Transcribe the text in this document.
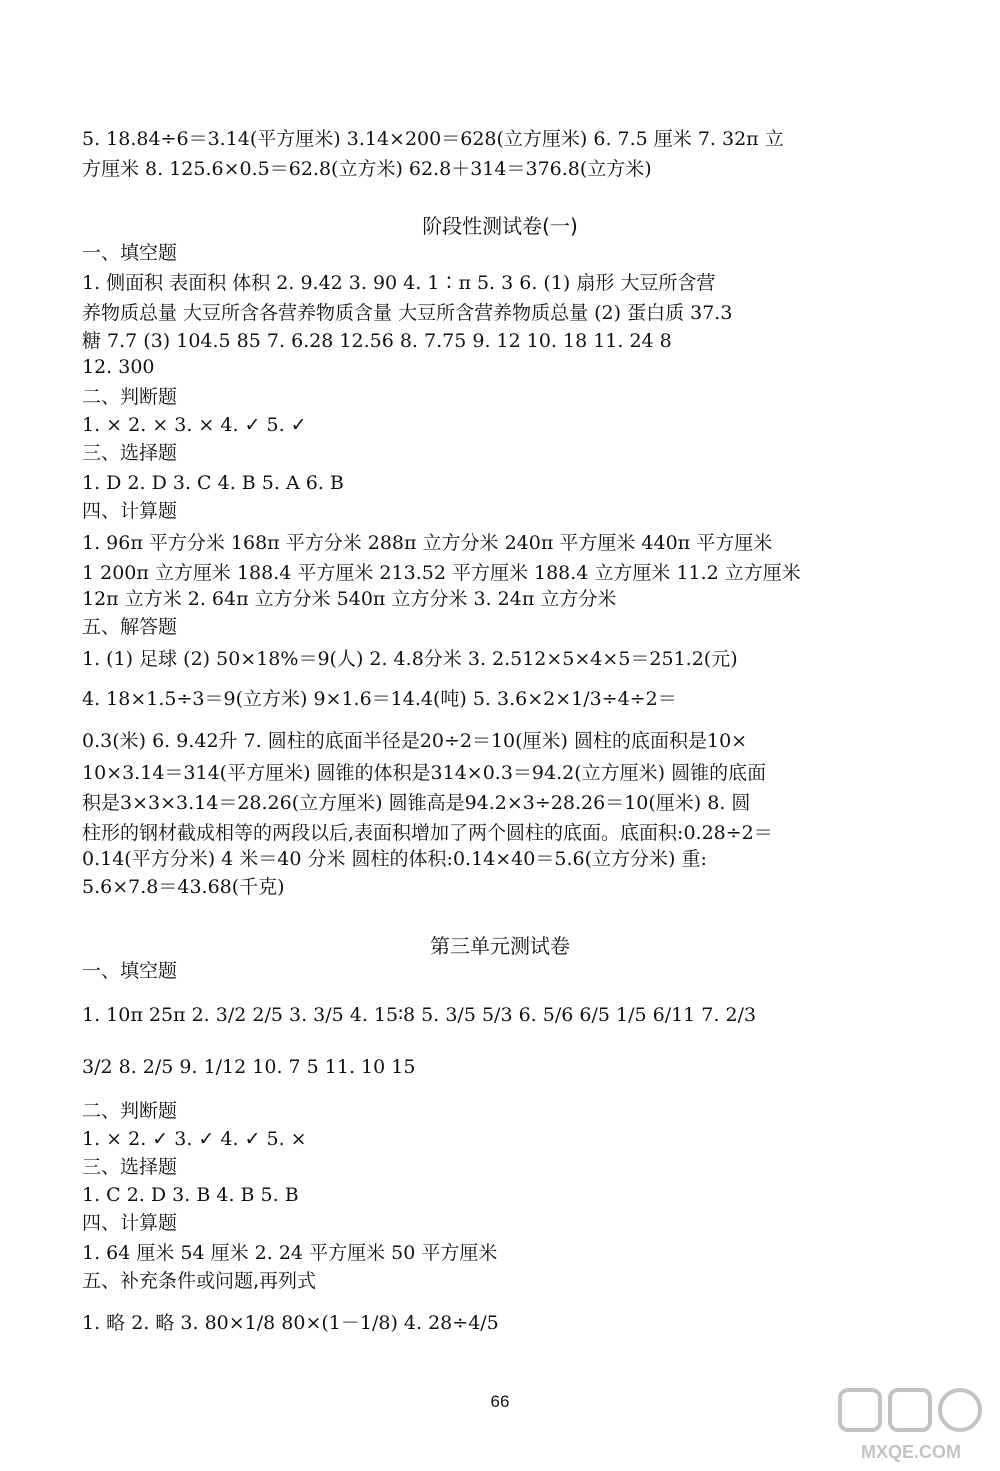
5. 18.84÷6＝3.14(平方厘米) 3.14×200＝628(立方厘米) 6. 7.5 厘米 7. 32π 立
方厘米 8. 125.6×0.5＝62.8(立方米) 62.8＋314＝376.8(立方米)
阶段性测试卷(一)
一、填空题
1. 侧面积 表面积 体积 2. 9.42 3. 90 4. 1∶π 5. 3 6. (1) 扇形 大豆所含营
养物质总量 大豆所含各营养物质含量 大豆所含营养物质总量 (2) 蛋白质 37.3
糖 7.7 (3) 104.5 85 7. 6.28 12.56 8. 7.75 9. 12 10. 18 11. 24 8
12. 300
二、判断题
1. × 2. × 3. × 4. ✓ 5. ✓
三、选择题
1. D 2. D 3. C 4. B 5. A 6. B
四、计算题
1. 96π 平方分米 168π 平方分米 288π 立方分米 240π 平方厘米 440π 平方厘米
1 200π 立方厘米 188.4 平方厘米 213.52 平方厘米 188.4 立方厘米 11.2 立方厘米
12π 立方米 2. 64π 立方分米 540π 立方分米 3. 24π 立方分米
五、解答题
1. (1) 足球 (2) 50×18%＝9(人) 2. 4.8分米 3. 2.512×5×4×5＝251.2(元)
4. 18×1.5÷3＝9(立方米) 9×1.6＝14.4(吨) 5. 3.6×2×1/3÷4÷2＝
0.3(米) 6. 9.42升 7. 圆柱的底面半径是20÷2＝10(厘米) 圆柱的底面积是10×
10×3.14＝314(平方厘米) 圆锥的体积是314×0.3＝94.2(立方厘米) 圆锥的底面
积是3×3×3.14＝28.26(立方厘米) 圆锥高是94.2×3÷28.26＝10(厘米) 8. 圆
柱形的钢材截成相等的两段以后,表面积增加了两个圆柱的底面。底面积:0.28÷2＝
0.14(平方分米) 4 米＝40 分米 圆柱的体积:0.14×40＝5.6(立方分米) 重:
5.6×7.8＝43.68(千克)
第三单元测试卷
一、填空题
1. 10π 25π 2. 3/2 2/5 3. 3/5 4. 15∶8 5. 3/5 5/3 6. 5/6 6/5 1/5 6/11 7. 2/3
3/2 8. 2/5 9. 1/12 10. 7 5 11. 10 15
二、判断题
1. × 2. ✓ 3. ✓ 4. ✓ 5. ×
三、选择题
1. C 2. D 3. B 4. B 5. B
四、计算题
1. 64 厘米 54 厘米 2. 24 平方厘米 50 平方厘米
五、补充条件或问题,再列式
1. 略 2. 略 3. 80×1/8 80×(1－1/8) 4. 28÷4/5
66
MXQE.COM
